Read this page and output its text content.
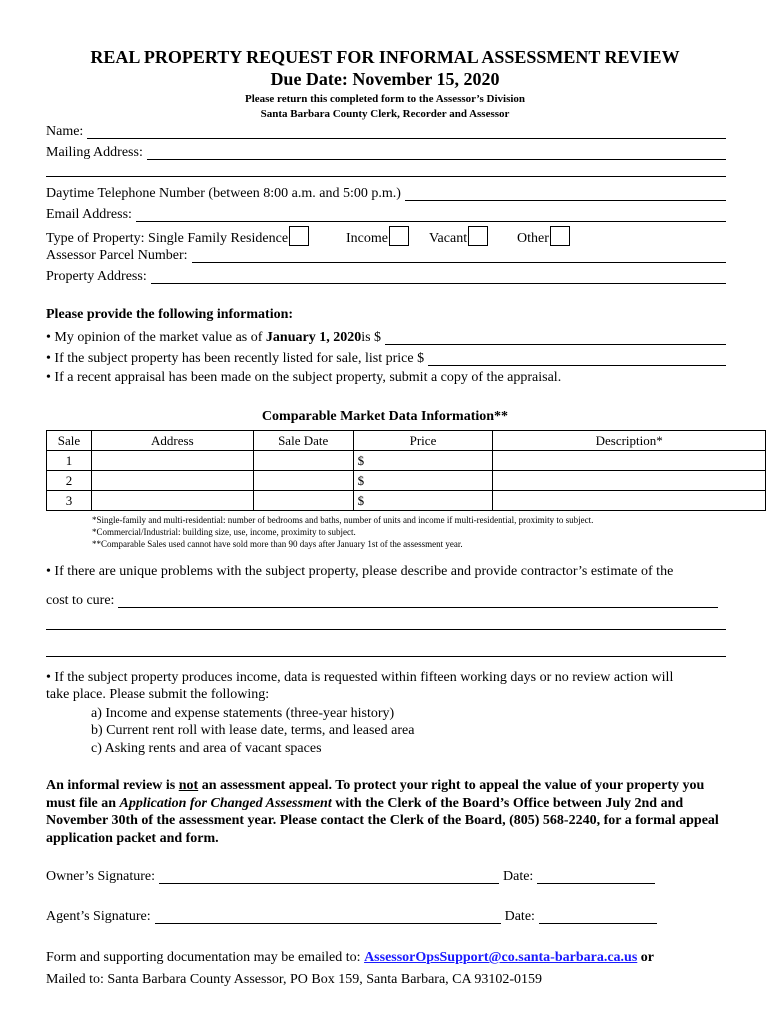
REAL PROPERTY REQUEST FOR INFORMAL ASSESSMENT REVIEW
Due Date: November 15, 2020
Please return this completed form to the Assessor’s Division
Santa Barbara County Clerk, Recorder and Assessor
Name:
Mailing Address:
Daytime Telephone Number (between 8:00 a.m. and 5:00 p.m.)
Email Address:
Type of Property: Single Family Residence	Income	Vacant	Other
Assessor Parcel Number:
Property Address:
Please provide the following information:
• My opinion of the market value as of
January 1, 2020 is $
• If the subject property has been recently listed for sale, list price $
• If a recent appraisal has been made on the subject property, submit a copy of the appraisal.
Comparable Market Data Information**
Sale	Address	Sale Date	Price	Description*
1			$	
2			$	
3			$	
*Single-family and multi-residential: number of bedrooms and baths, number of units and income if multi-residential, proximity to subject.
*Commercial/Industrial: building size, use, income, proximity to subject.
**Comparable Sales used cannot have sold more than 90 days after January 1st of the assessment year.
• If there are unique problems with the subject property, please describe and provide contractor’s estimate of the
cost to cure:
• If the subject property produces income, data is requested within fifteen working days or no review action will
take place. Please submit the following:
a) Income and expense statements (three-year history)
b) Current rent roll with lease date, terms, and leased area
c) Asking rents and area of vacant spaces
An informal review is not an assessment appeal. To protect your right to appeal the value of your property you must file an Application for Changed Assessment with the Clerk of the Board’s Office between July 2nd and November 30th of the assessment year. Please contact the Clerk of the Board, (805) 568-2240, for a formal appeal application packet and form.
Owner’s Signature:	Date:
Agent’s Signature:	Date:
Form and supporting documentation may be emailed to: AssessorOpsSupport@co.santa-barbara.ca.us or
Mailed to: Santa Barbara County Assessor, PO Box 159, Santa Barbara, CA 93102-0159
